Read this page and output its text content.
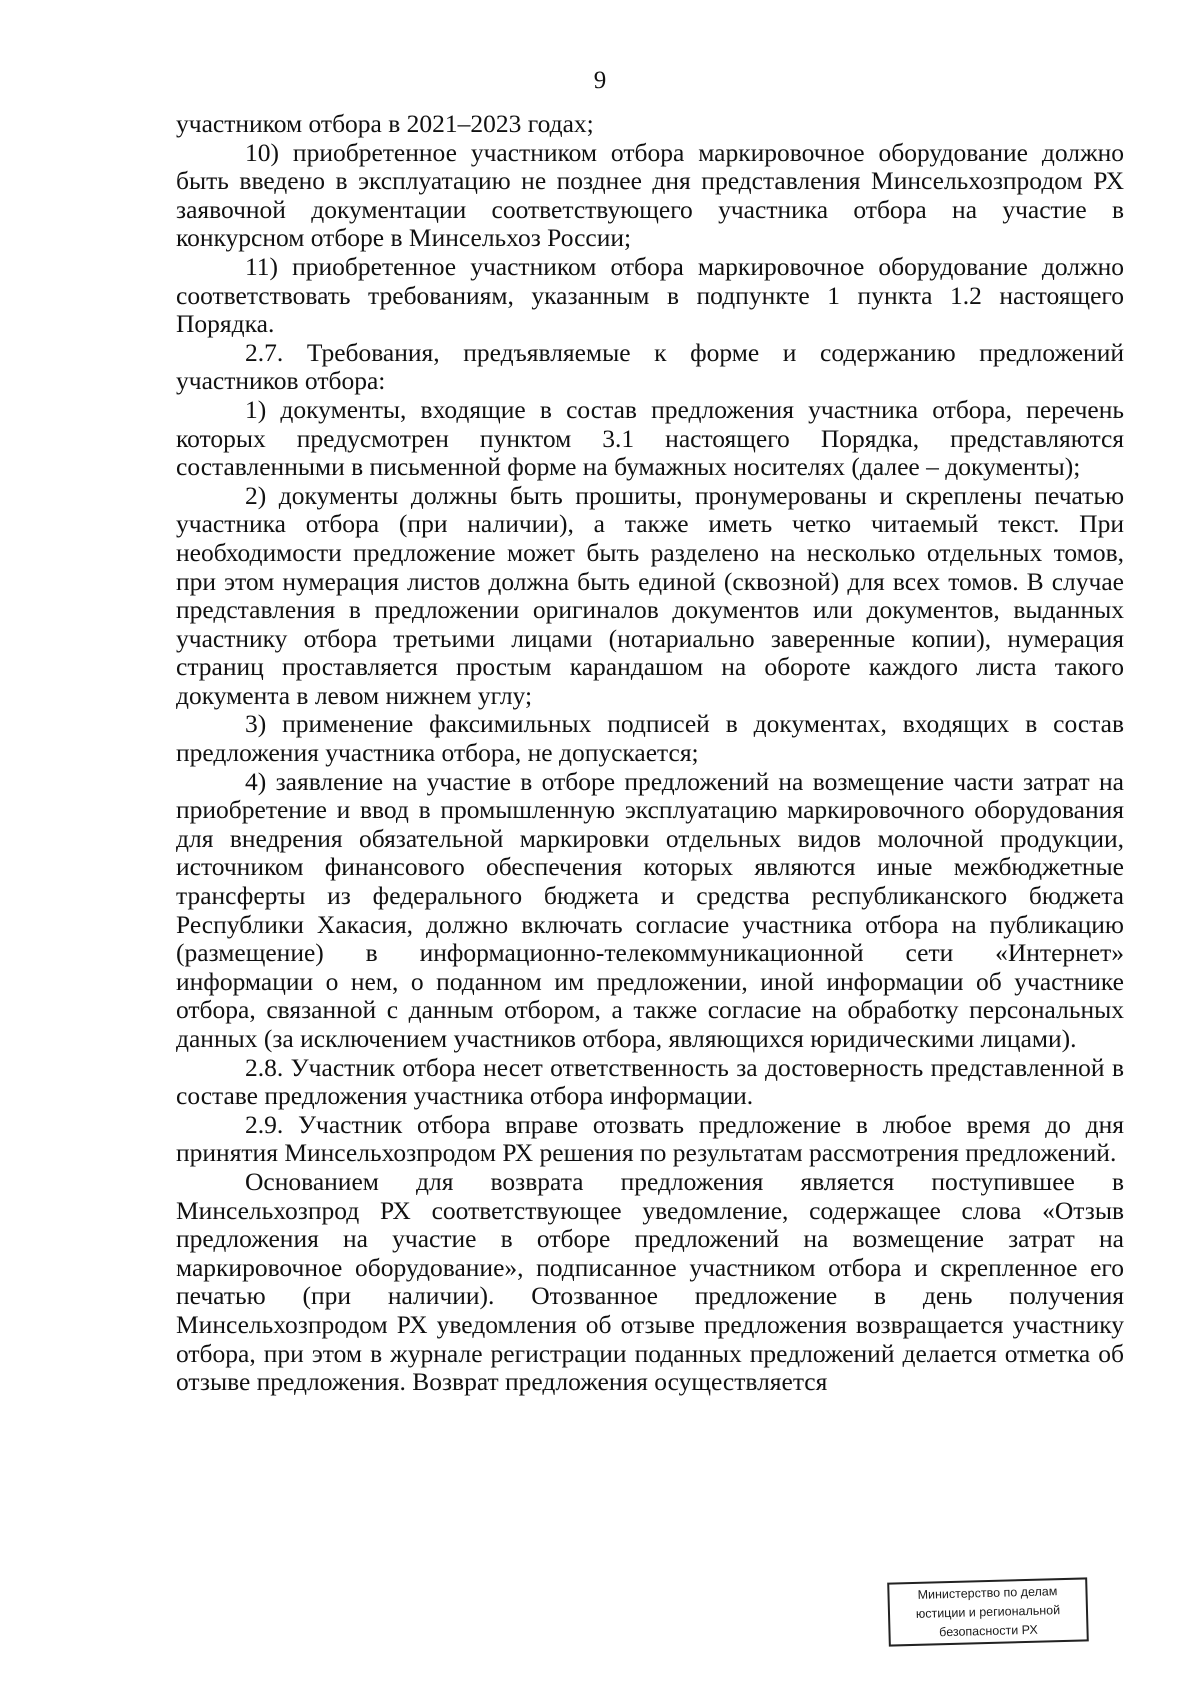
9

участником отбора в 2021–2023 годах;

10) приобретенное участником отбора маркировочное оборудование должно быть введено в эксплуатацию не позднее дня представления Минсельхозпродом РХ заявочной документации соответствующего участника отбора на участие в конкурсном отборе в Минсельхоз России;

11) приобретенное участником отбора маркировочное оборудование должно соответствовать требованиям, указанным в подпункте 1 пункта 1.2 настоящего Порядка.

2.7. Требования, предъявляемые к форме и содержанию предложений участников отбора:

1) документы, входящие в состав предложения участника отбора, перечень которых предусмотрен пунктом 3.1 настоящего Порядка, представляются составленными в письменной форме на бумажных носителях (далее – документы);

2) документы должны быть прошиты, пронумерованы и скреплены печатью участника отбора (при наличии), а также иметь четко читаемый текст. При необходимости предложение может быть разделено на несколько отдельных томов, при этом нумерация листов должна быть единой (сквозной) для всех томов. В случае представления в предложении оригиналов документов или документов, выданных участнику отбора третьими лицами (нотариально заверенные копии), нумерация страниц проставляется простым карандашом на обороте каждого листа такого документа в левом нижнем углу;

3) применение факсимильных подписей в документах, входящих в состав предложения участника отбора, не допускается;

4) заявление на участие в отборе предложений на возмещение части затрат на приобретение и ввод в промышленную эксплуатацию маркировочного оборудования для внедрения обязательной маркировки отдельных видов молочной продукции, источником финансового обеспечения которых являются иные межбюджетные трансферты из федерального бюджета и средства республиканского бюджета Республики Хакасия, должно включать согласие участника отбора на публикацию (размещение) в информационно-телекоммуникационной сети «Интернет» информации о нем, о поданном им предложении, иной информации об участнике отбора, связанной с данным отбором, а также согласие на обработку персональных данных (за исключением участников отбора, являющихся юридическими лицами).

2.8. Участник отбора несет ответственность за достоверность представленной в составе предложения участника отбора информации.

2.9. Участник отбора вправе отозвать предложение в любое время до дня принятия Минсельхозпродом РХ решения по результатам рассмотрения предложений.

Основанием для возврата предложения является поступившее в Минсельхозпрод РХ соответствующее уведомление, содержащее слова «Отзыв предложения на участие в отборе предложений на возмещение затрат на маркировочное оборудование», подписанное участником отбора и скрепленное его печатью (при наличии). Отозванное предложение в день получения Минсельхозпродом РХ уведомления об отзыве предложения возвращается участнику отбора, при этом в журнале регистрации поданных предложений делается отметка об отзыве предложения. Возврат предложения осуществляется

Министерство по делам
юстиции и региональной
безопасности РХ
